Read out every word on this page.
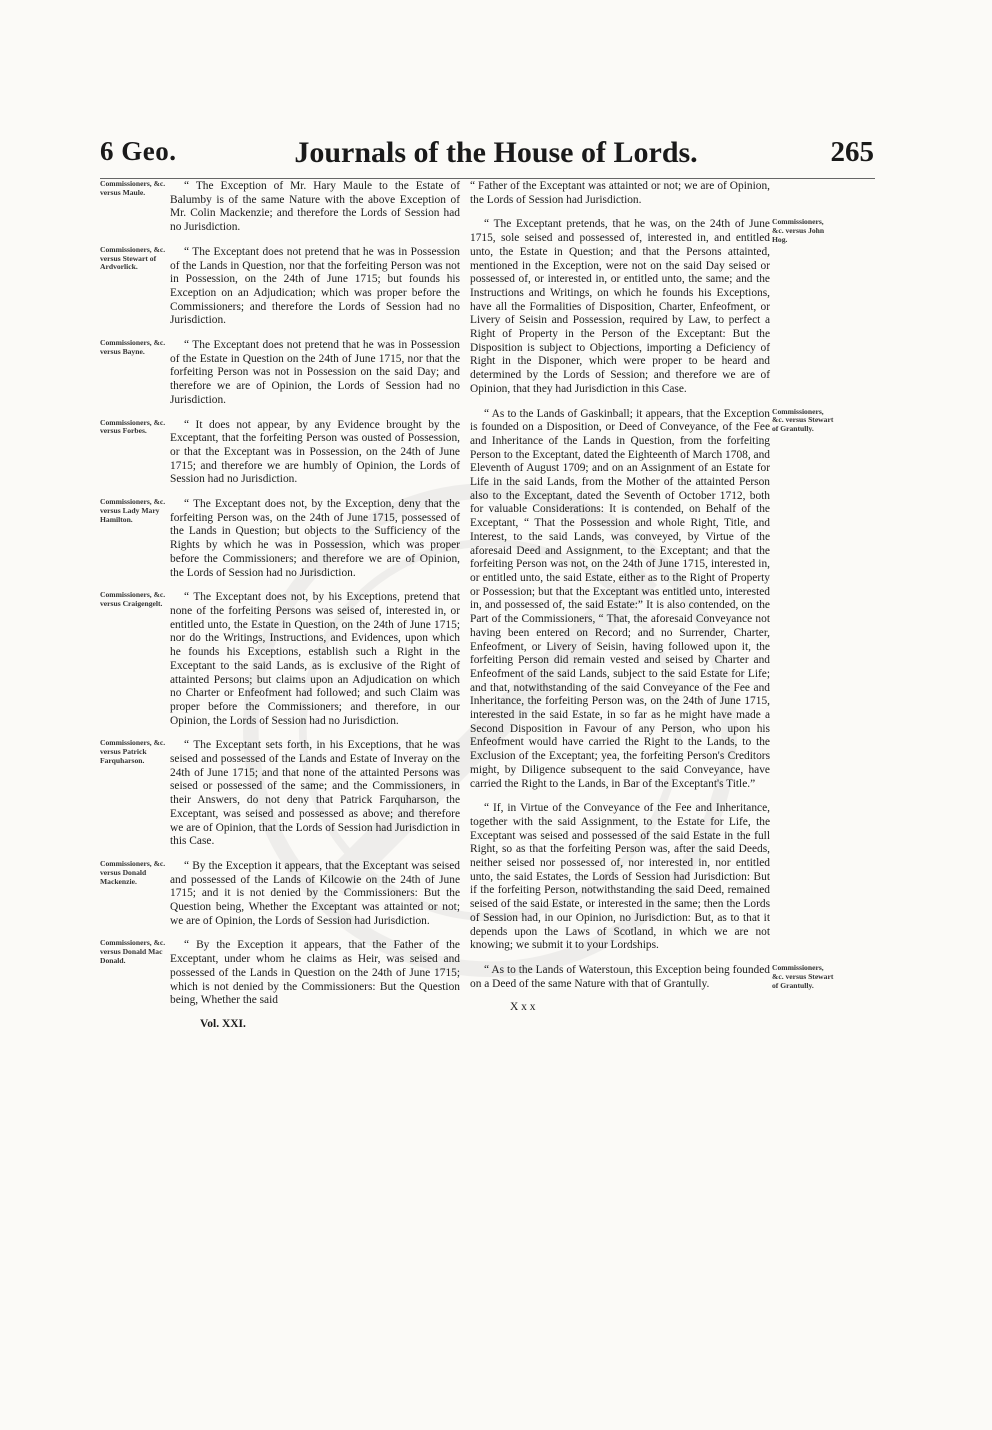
6 Geo.	Journals of the House of Lords.	265
Commissioners, &c. versus Maule.

“ The Exception of Mr. Hary Maule to the Estate of Balumby is of the same Nature with the above Exception of Mr. Colin Mackenzie; and therefore the Lords of Session had no Jurisdiction.

Commissioners, &c. versus Stewart of Ardvorlick.

“ The Exceptant does not pretend that he was in Possession of the Lands in Question, nor that the forfeiting Person was not in Possession, on the 24th of June 1715; but founds his Exception on an Adjudication; which was proper before the Commissioners; and therefore the Lords of Session had no Jurisdiction.

Commissioners, &c. versus Bayne.

“ The Exceptant does not pretend that he was in Possession of the Estate in Question on the 24th of June 1715, nor that the forfeiting Person was not in Possession on the said Day; and therefore we are of Opinion, the Lords of Session had no Jurisdiction.

Commissioners, &c. versus Forbes.

“ It does not appear, by any Evidence brought by the Exceptant, that the forfeiting Person was ousted of Possession, or that the Exceptant was in Possession, on the 24th of June 1715; and therefore we are humbly of Opinion, the Lords of Session had no Jurisdiction.

Commissioners, &c. versus Lady Mary Hamilton.

“ The Exceptant does not, by the Exception, deny that the forfeiting Person was, on the 24th of June 1715, possessed of the Lands in Question; but objects to the Sufficiency of the Rights by which he was in Possession, which was proper before the Commissioners; and therefore we are of Opinion, the Lords of Session had no Jurisdiction.

Commissioners, &c. versus Craigengelt.

“ The Exceptant does not, by his Exceptions, pretend that none of the forfeiting Persons was seised of, interested in, or entitled unto, the Estate in Question, on the 24th of June 1715; nor do the Writings, Instructions, and Evidences, upon which he founds his Exceptions, establish such a Right in the Exceptant to the said Lands, as is exclusive of the Right of attainted Persons; but claims upon an Adjudication on which no Charter or Enfeofment had followed; and such Claim was proper before the Commissioners; and therefore, in our Opinion, the Lords of Session had no Jurisdiction.

Commissioners, &c. versus Patrick Farquharson.

“ The Exceptant sets forth, in his Exceptions, that he was seised and possessed of the Lands and Estate of Inveray on the 24th of June 1715; and that none of the attainted Persons was seised or possessed of the same; and the Commissioners, in their Answers, do not deny that Patrick Farquharson, the Exceptant, was seised and possessed as above; and therefore we are of Opinion, that the Lords of Session had Jurisdiction in this Case.

Commissioners, &c. versus Donald Mackenzie.

“ By the Exception it appears, that the Exceptant was seised and possessed of the Lands of Kilcowie on the 24th of June 1715; and it is not denied by the Commissioners: But the Question being, Whether the Exceptant was attainted or not; we are of Opinion, the Lords of Session had Jurisdiction.

Commissioners, &c. versus Donald Mac Donald.

“ By the Exception it appears, that the Father of the Exceptant, under whom he claims as Heir, was seised and possessed of the Lands in Question on the 24th of June 1715; which is not denied by the Commissioners: But the Question being, Whether the said

Vol. XXI.

“ Father of the Exceptant was attainted or not; we are of Opinion, the Lords of Session had Jurisdiction.

Commissioners, &c. versus John Hog.

“ The Exceptant pretends, that he was, on the 24th of June 1715, sole seised and possessed of, interested in, and entitled unto, the Estate in Question; and that the Persons attainted, mentioned in the Exception, were not on the said Day seised or possessed of, or interested in, or entitled unto, the same; and the Instructions and Writings, on which he founds his Exceptions, have all the Formalities of Disposition, Charter, Enfeofment, or Livery of Seisin and Possession, required by Law, to perfect a Right of Property in the Person of the Exceptant: But the Disposition is subject to Objections, importing a Deficiency of Right in the Disponer, which were proper to be heard and determined by the Lords of Session; and therefore we are of Opinion, that they had Jurisdiction in this Case.

Commissioners, &c. versus Stewart of Grantully.

“ As to the Lands of Gaskinball; it appears, that the Exception is founded on a Disposition, or Deed of Conveyance, of the Fee and Inheritance of the Lands in Question, from the forfeiting Person to the Exceptant, dated the Eighteenth of March 1708, and Eleventh of August 1709; and on an Assignment of an Estate for Life in the said Lands, from the Mother of the attainted Person also to the Exceptant, dated the Seventh of October 1712, both for valuable Considerations: It is contended, on Behalf of the Exceptant, “ That the Possession and whole Right, Title, and Interest, to the said Lands, was conveyed, by Virtue of the aforesaid Deed and Assignment, to the Exceptant; and that the forfeiting Person was not, on the 24th of June 1715, interested in, or entitled unto, the said Estate, either as to the Right of Property or Possession; but that the Exceptant was entitled unto, interested in, and possessed of, the said Estate:” It is also contended, on the Part of the Commissioners, “ That, the aforesaid Conveyance not having been entered on Record; and no Surrender, Charter, Enfeofment, or Livery of Seisin, having followed upon it, the forfeiting Person did remain vested and seised by Charter and Enfeofment of the said Lands, subject to the said Estate for Life; and that, notwithstanding of the said Conveyance of the Fee and Inheritance, the forfeiting Person was, on the 24th of June 1715, interested in the said Estate, in so far as he might have made a Second Disposition in Favour of any Person, who upon his Enfeofment would have carried the Right to the Lands, to the Exclusion of the Exceptant; yea, the forfeiting Person's Creditors might, by Diligence subsequent to the said Conveyance, have carried the Right to the Lands, in Bar of the Exceptant's Title.”

“ If, in Virtue of the Conveyance of the Fee and Inheritance, together with the said Assignment, to the Estate for Life, the Exceptant was seised and possessed of the said Estate in the full Right, so as that the forfeiting Person was, after the said Deeds, neither seised nor possessed of, nor interested in, nor entitled unto, the said Estates, the Lords of Session had Jurisdiction: But if the forfeiting Person, notwithstanding the said Deed, remained seised of the said Estate, or interested in the same; then the Lords of Session had, in our Opinion, no Jurisdiction: But, as to that it depends upon the Laws of Scotland, in which we are not knowing; we submit it to your Lordships.

Commissioners, &c. versus Stewart of Grantully.

“ As to the Lands of Waterstoun, this Exception being founded on a Deed of the same Nature with that of Grantully.

X x x
